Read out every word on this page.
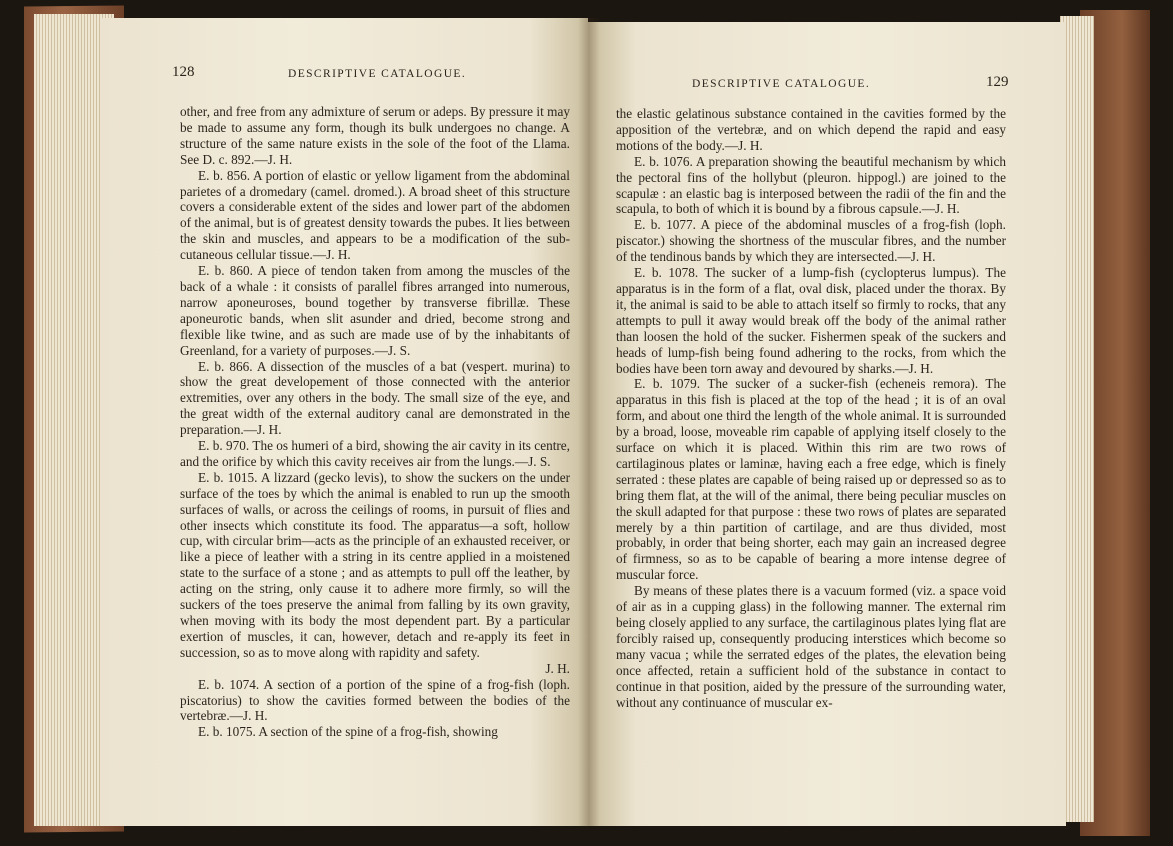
128	DESCRIPTIVE CATALOGUE.

other, and free from any admixture of serum or adeps. By pressure it may be made to assume any form, though its bulk undergoes no change. A structure of the same nature exists in the sole of the foot of the Llama. See D. c. 892.—J. H.

E. b. 856. A portion of elastic or yellow ligament from the abdominal parietes of a dromedary (camel. dromed.). A broad sheet of this structure covers a considerable extent of the sides and lower part of the abdomen of the animal, but is of greatest density towards the pubes. It lies between the skin and muscles, and appears to be a modification of the sub-cutaneous cellular tissue.—J. H.

E. b. 860. A piece of tendon taken from among the muscles of the back of a whale : it consists of parallel fibres arranged into numerous, narrow aponeuroses, bound together by transverse fibrillæ. These aponeurotic bands, when slit asunder and dried, become strong and flexible like twine, and as such are made use of by the inhabitants of Greenland, for a variety of purposes.—J. S.

E. b. 866. A dissection of the muscles of a bat (vespert. murina) to show the great developement of those connected with the anterior extremities, over any others in the body. The small size of the eye, and the great width of the external auditory canal are demonstrated in the preparation.—J. H.

E. b. 970. The os humeri of a bird, showing the air cavity in its centre, and the orifice by which this cavity receives air from the lungs.—J. S.

E. b. 1015. A lizzard (gecko levis), to show the suckers on the under surface of the toes by which the animal is enabled to run up the smooth surfaces of walls, or across the ceilings of rooms, in pursuit of flies and other insects which constitute its food. The apparatus—a soft, hollow cup, with circular brim—acts as the principle of an exhausted receiver, or like a piece of leather with a string in its centre applied in a moistened state to the surface of a stone ; and as attempts to pull off the leather, by acting on the string, only cause it to adhere more firmly, so will the suckers of the toes preserve the animal from falling by its own gravity, when moving with its body the most dependent part. By a particular exertion of muscles, it can, however, detach and re-apply its feet in succession, so as to move along with rapidity and safety.

J. H.

E. b. 1074. A section of a portion of the spine of a frog-fish (loph. piscatorius) to show the cavities formed between the bodies of the vertebræ.—J. H.

E. b. 1075. A section of the spine of a frog-fish, showing

DESCRIPTIVE CATALOGUE.	129

the elastic gelatinous substance contained in the cavities formed by the apposition of the vertebræ, and on which depend the rapid and easy motions of the body.—J. H.

E. b. 1076. A preparation showing the beautiful mechanism by which the pectoral fins of the hollybut (pleuron. hippogl.) are joined to the scapulæ : an elastic bag is interposed between the radii of the fin and the scapula, to both of which it is bound by a fibrous capsule.—J. H.

E. b. 1077. A piece of the abdominal muscles of a frog-fish (loph. piscator.) showing the shortness of the muscular fibres, and the number of the tendinous bands by which they are intersected.—J. H.

E. b. 1078. The sucker of a lump-fish (cyclopterus lumpus). The apparatus is in the form of a flat, oval disk, placed under the thorax. By it, the animal is said to be able to attach itself so firmly to rocks, that any attempts to pull it away would break off the body of the animal rather than loosen the hold of the sucker. Fishermen speak of the suckers and heads of lump-fish being found adhering to the rocks, from which the bodies have been torn away and devoured by sharks.—J. H.

E. b. 1079. The sucker of a sucker-fish (echeneis remora). The apparatus in this fish is placed at the top of the head ; it is of an oval form, and about one third the length of the whole animal. It is surrounded by a broad, loose, moveable rim capable of applying itself closely to the surface on which it is placed. Within this rim are two rows of cartilaginous plates or laminæ, having each a free edge, which is finely serrated : these plates are capable of being raised up or depressed so as to bring them flat, at the will of the animal, there being peculiar muscles on the skull adapted for that purpose : these two rows of plates are separated merely by a thin partition of cartilage, and are thus divided, most probably, in order that being shorter, each may gain an increased degree of firmness, so as to be capable of bearing a more intense degree of muscular force.

By means of these plates there is a vacuum formed (viz. a space void of air as in a cupping glass) in the following manner. The external rim being closely applied to any surface, the cartilaginous plates lying flat are forcibly raised up, consequently producing interstices which become so many vacua ; while the serrated edges of the plates, the elevation being once affected, retain a sufficient hold of the substance in contact to continue in that position, aided by the pressure of the surrounding water, without any continuance of muscular ex-
